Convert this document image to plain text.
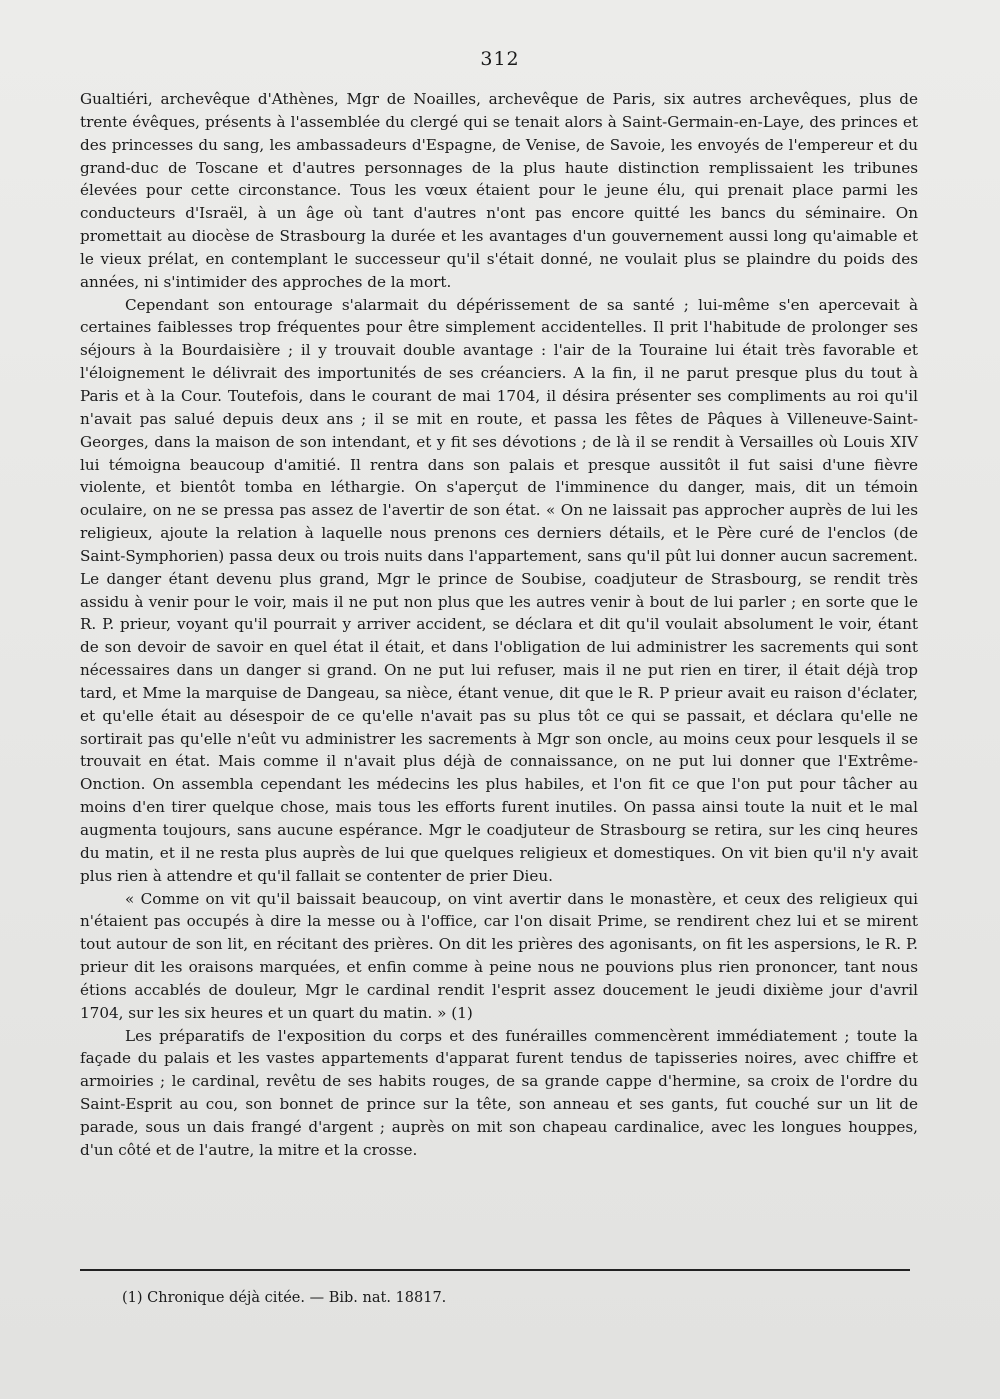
312

Gualtiéri, archevêque d'Athènes, Mgr de Noailles, archevêque de Paris, six autres archevêques, plus de trente évêques, présents à l'assemblée du clergé qui se tenait alors à Saint-Germain-en-Laye, des princes et des princesses du sang, les ambassadeurs d'Espagne, de Venise, de Savoie, les envoyés de l'empereur et du grand-duc de Toscane et d'autres personnages de la plus haute distinction remplissaient les tribunes élevées pour cette circonstance. Tous les vœux étaient pour le jeune élu, qui prenait place parmi les conducteurs d'Israël, à un âge où tant d'autres n'ont pas encore quitté les bancs du séminaire. On promettait au diocèse de Strasbourg la durée et les avantages d'un gouvernement aussi long qu'aimable et le vieux prélat, en contemplant le successeur qu'il s'était donné, ne voulait plus se plaindre du poids des années, ni s'intimider des approches de la mort.

Cependant son entourage s'alarmait du dépérissement de sa santé ; lui-même s'en apercevait à certaines faiblesses trop fréquentes pour être simplement accidentelles. Il prit l'habitude de prolonger ses séjours à la Bourdaisière ; il y trouvait double avantage : l'air de la Touraine lui était très favorable et l'éloignement le délivrait des importunités de ses créanciers. A la fin, il ne parut presque plus du tout à Paris et à la Cour. Toutefois, dans le courant de mai 1704, il désira présenter ses compliments au roi qu'il n'avait pas salué depuis deux ans ; il se mit en route, et passa les fêtes de Pâques à Villeneuve-Saint-Georges, dans la maison de son intendant, et y fit ses dévotions ; de là il se rendit à Versailles où Louis XIV lui témoigna beaucoup d'amitié. Il rentra dans son palais et presque aussitôt il fut saisi d'une fièvre violente, et bientôt tomba en léthargie. On s'aperçut de l'imminence du danger, mais, dit un témoin oculaire, on ne se pressa pas assez de l'avertir de son état. « On ne laissait pas approcher auprès de lui les religieux, ajoute la relation à laquelle nous prenons ces derniers détails, et le Père curé de l'enclos (de Saint-Symphorien) passa deux ou trois nuits dans l'appartement, sans qu'il pût lui donner aucun sacrement. Le danger étant devenu plus grand, Mgr le prince de Soubise, coadjuteur de Strasbourg, se rendit très assidu à venir pour le voir, mais il ne put non plus que les autres venir à bout de lui parler ; en sorte que le R. P. prieur, voyant qu'il pourrait y arriver accident, se déclara et dit qu'il voulait absolument le voir, étant de son devoir de savoir en quel état il était, et dans l'obligation de lui administrer les sacrements qui sont nécessaires dans un danger si grand. On ne put lui refuser, mais il ne put rien en tirer, il était déjà trop tard, et Mme la marquise de Dangeau, sa nièce, étant venue, dit que le R. P prieur avait eu raison d'éclater, et qu'elle était au désespoir de ce qu'elle n'avait pas su plus tôt ce qui se passait, et déclara qu'elle ne sortirait pas qu'elle n'eût vu administrer les sacrements à Mgr son oncle, au moins ceux pour lesquels il se trouvait en état. Mais comme il n'avait plus déjà de connaissance, on ne put lui donner que l'Extrême-Onction. On assembla cependant les médecins les plus habiles, et l'on fit ce que l'on put pour tâcher au moins d'en tirer quelque chose, mais tous les efforts furent inutiles. On passa ainsi toute la nuit et le mal augmenta toujours, sans aucune espérance. Mgr le coadjuteur de Strasbourg se retira, sur les cinq heures du matin, et il ne resta plus auprès de lui que quelques religieux et domestiques. On vit bien qu'il n'y avait plus rien à attendre et qu'il fallait se contenter de prier Dieu.

« Comme on vit qu'il baissait beaucoup, on vint avertir dans le monastère, et ceux des religieux qui n'étaient pas occupés à dire la messe ou à l'office, car l'on disait Prime, se rendirent chez lui et se mirent tout autour de son lit, en récitant des prières. On dit les prières des agonisants, on fit les aspersions, le R. P. prieur dit les oraisons marquées, et enfin comme à peine nous ne pouvions plus rien prononcer, tant nous étions accablés de douleur, Mgr le cardinal rendit l'esprit assez doucement le jeudi dixième jour d'avril 1704, sur les six heures et un quart du matin. » (1)

Les préparatifs de l'exposition du corps et des funérailles commencèrent immédiatement ; toute la façade du palais et les vastes appartements d'apparat furent tendus de tapisseries noires, avec chiffre et armoiries ; le cardinal, revêtu de ses habits rouges, de sa grande cappe d'hermine, sa croix de l'ordre du Saint-Esprit au cou, son bonnet de prince sur la tête, son anneau et ses gants, fut couché sur un lit de parade, sous un dais frangé d'argent ; auprès on mit son chapeau cardinalice, avec les longues houppes, d'un côté et de l'autre, la mitre et la crosse.

(1) Chronique déjà citée. — Bib. nat. 18817.
